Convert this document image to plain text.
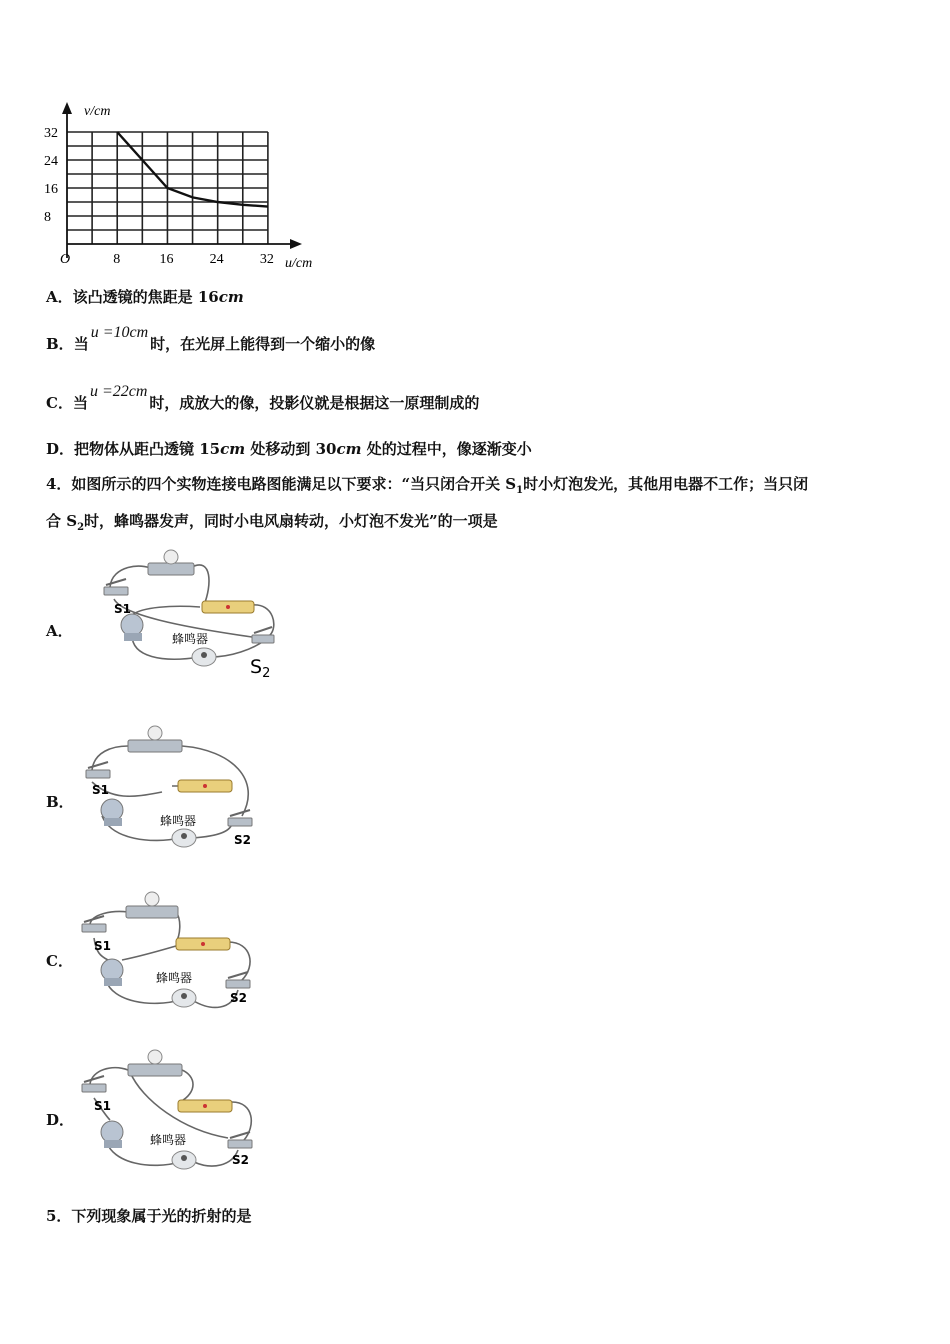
v/cm
u/cm
O
32
24
16
8
8	16	24	32
A．该凸透镜的焦距是 16cm
B．当u =10cm时，在光屏上能得到一个缩小的像
C．当u =22cm时，成放大的像，投影仪就是根据这一原理制成的
D．把物体从距凸透镜 15cm 处移动到 30cm 处的过程中，像逐渐变小
4．如图所示的四个实物连接电路图能满足以下要求：“当只闭合开关 $S_1$时小灯泡发光，其他用电器不工作；当只闭
合 $S_2$时，蜂鸣器发声，同时小电风扇转动，小灯泡不发光”的一项是
A．
S1
蜂鸣器
$S_2$
B．
S1
蜂鸣器
S2
C．
S1
蜂鸣器
S2
D．
S1
蜂鸣器
S2
5．下列现象属于光的折射的是
